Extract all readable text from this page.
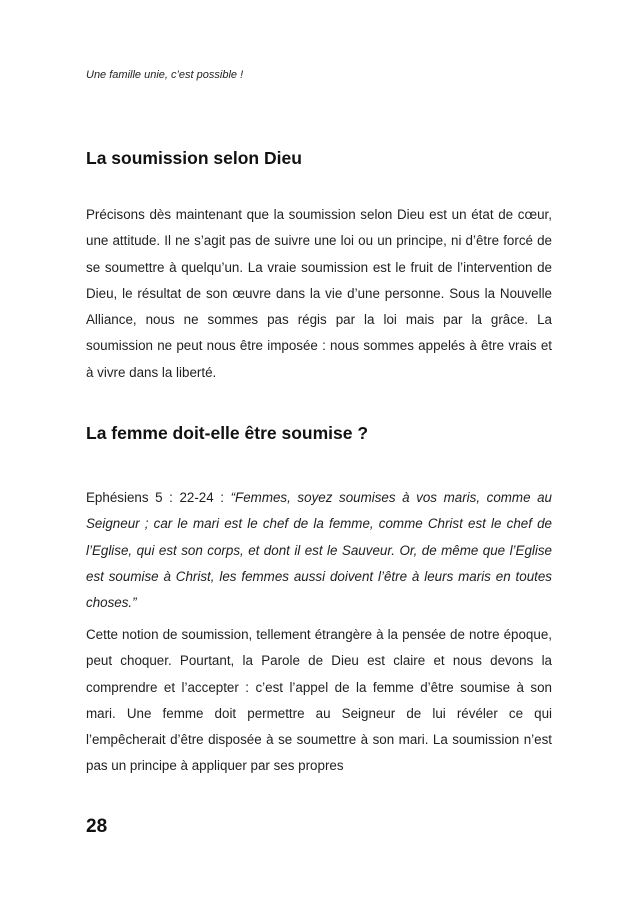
Une famille unie, c’est possible !
La soumission selon Dieu

Précisons dès maintenant que la soumission selon Dieu est un état de cœur, une attitude. Il ne s’agit pas de suivre une loi ou un principe, ni d’être forcé de se soumettre à quelqu’un. La vraie soumission est le fruit de l’intervention de Dieu, le résultat de son œuvre dans la vie d’une personne. Sous la Nouvelle Alliance, nous ne sommes pas régis par la loi mais par la grâce. La soumission ne peut nous être imposée : nous sommes appelés à être vrais et à vivre dans la liberté.

La femme doit-elle être soumise ?

Ephésiens 5 : 22-24 : “Femmes, soyez soumises à vos maris, comme au Seigneur ; car le mari est le chef de la femme, comme Christ est le chef de l’Eglise, qui est son corps, et dont il est le Sauveur. Or, de même que l’Eglise est soumise à Christ, les femmes aussi doivent l’être à leurs maris en toutes choses.”

Cette notion de soumission, tellement étrangère à la pensée de notre époque, peut choquer. Pourtant, la Parole de Dieu est claire et nous devons la comprendre et l’accepter : c’est l’appel de la femme d’être soumise à son mari. Une femme doit permettre au Seigneur de lui révéler ce qui l’empêcherait d’être disposée à se soumettre à son mari. La soumission n’est pas un principe à appliquer par ses propres

28
